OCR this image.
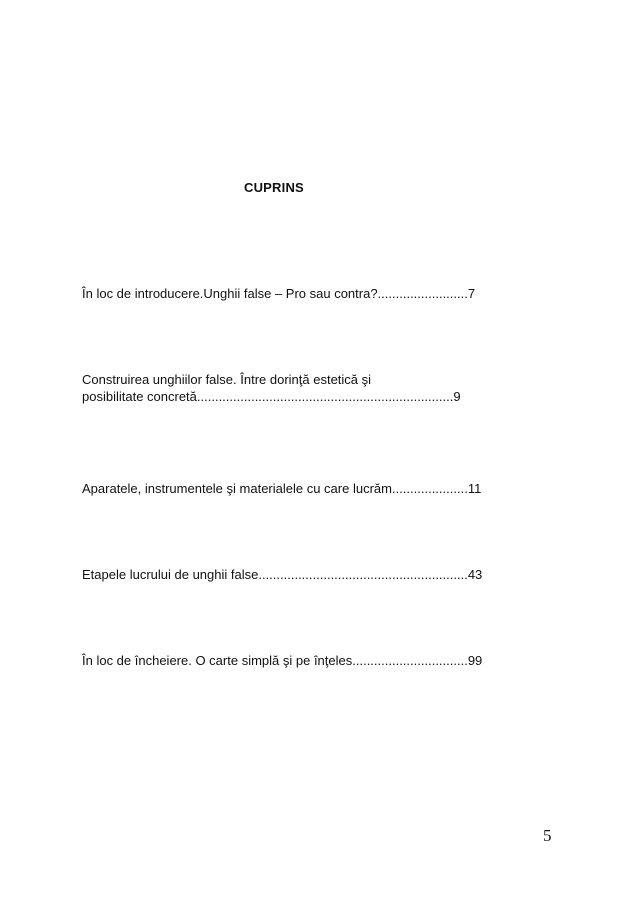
CUPRINS
În loc de introducere.Unghii false – Pro sau contra?.........................7
Construirea unghiilor false. Între dorinţă estetică şi
posibilitate concretă.......................................................................9
Aparatele, instrumentele şi materialele cu care lucrăm.....................11
Etapele lucrului de unghii false..........................................................43
În loc de încheiere. O carte simplă şi pe înţeles................................99
5
